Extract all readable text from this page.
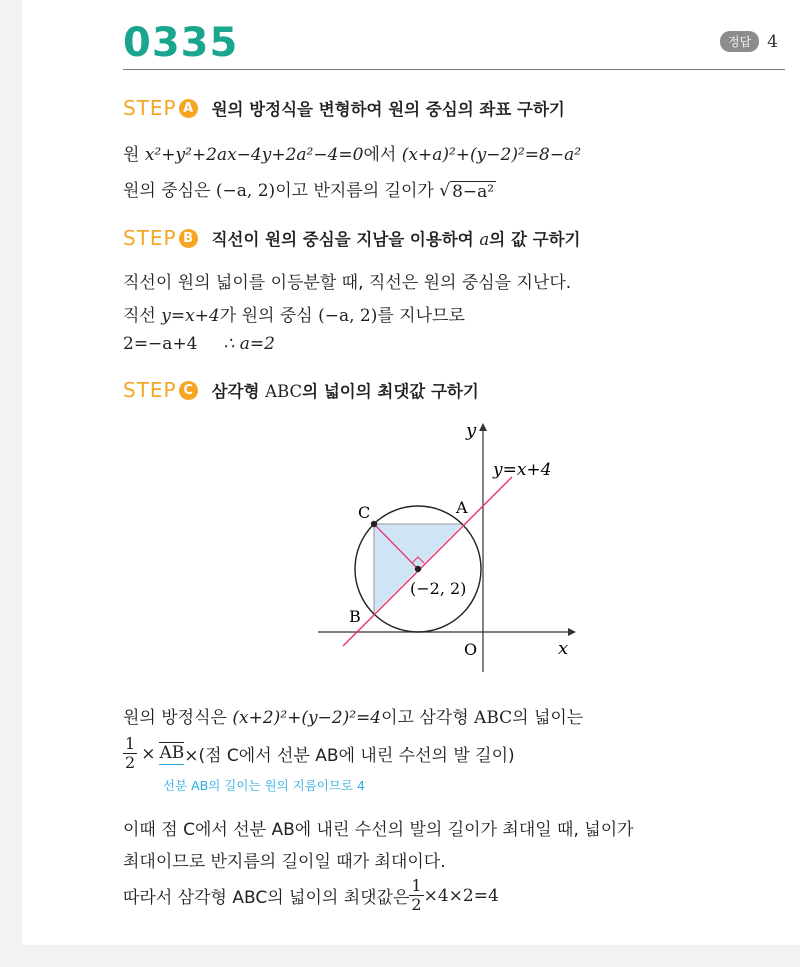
0335	정답 4
STEP A 원의 방정식을 변형하여 원의 중심의 좌표 구하기
원 x²+y²+2ax−4y+2a²−4=0에서 (x+a)²+(y−2)²=8−a²
원의 중심은 (−a, 2)이고 반지름의 길이가 √ 8−a²
STEP B 직선이 원의 중심을 지남을 이용하여 a의 값 구하기
직선이 원의 넓이를 이등분할 때, 직선은 원의 중심을 지난다.
직선 y=x+4가 원의 중심 (−a, 2)를 지나므로
2=−a+4 ∴ a=2
STEP C 삼각형 ABC의 넓이의 최댓값 구하기
y
x
O
y=x+4
A
B
C
(−2, 2)
원의 방정식은 (x+2)²+(y−2)²=4이고 삼각형 ABC의 넓이는
$\frac{1}{2}$ × AB ×(점 C에서 선분 AB에 내린 수선의 발 길이)
선분 AB의 길이는 원의 지름이므로 4
이때 점 C에서 선분 AB에 내린 수선의 발의 길이가 최대일 때, 넓이가
최대이므로 반지름의 길이일 때가 최대이다.
따라서 삼각형 ABC의 넓이의 최댓값은 $\frac{1}{2} \times 4\times 2=4$
